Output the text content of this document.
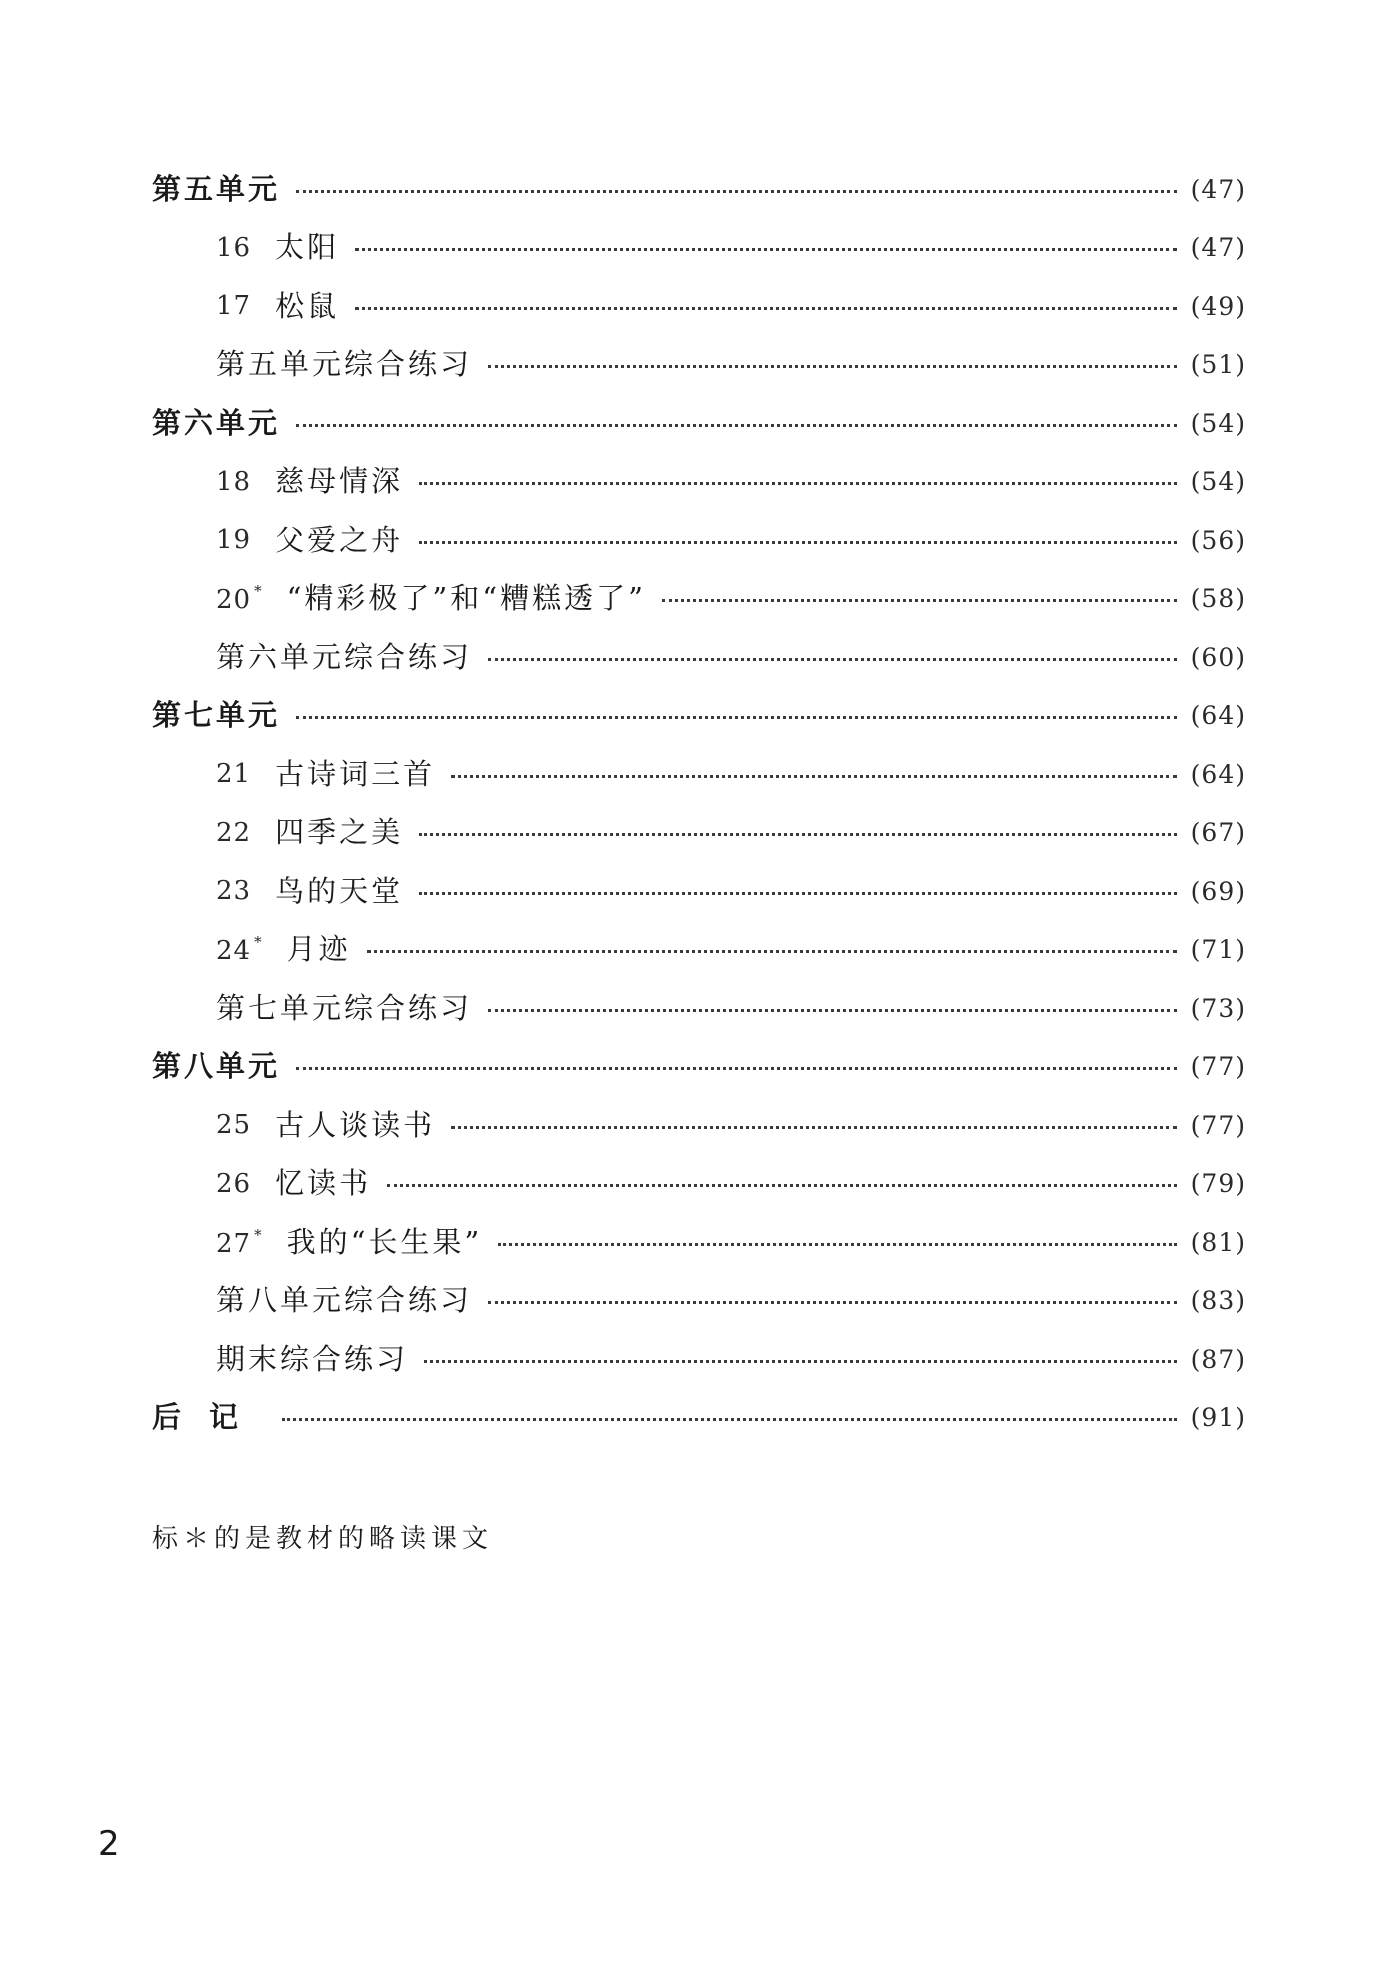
第五单元	(47)
16 太阳	(47)
17 松鼠	(49)
第五单元综合练习	(51)
第六单元	(54)
18 慈母情深	(54)
19 父爱之舟	(56)
20 * “精彩极了”和“糟糕透了”	(58)
第六单元综合练习	(60)
第七单元	(64)
21 古诗词三首	(64)
22 四季之美	(67)
23 鸟的天堂	(69)
24 * 月迹	(71)
第七单元综合练习	(73)
第八单元	(77)
25 古人谈读书	(77)
26 忆读书	(79)
27 * 我的“长生果”	(81)
第八单元综合练习	(83)
期末综合练习	(87)
后记	(91)
标＊的是教材的略读课文
2
